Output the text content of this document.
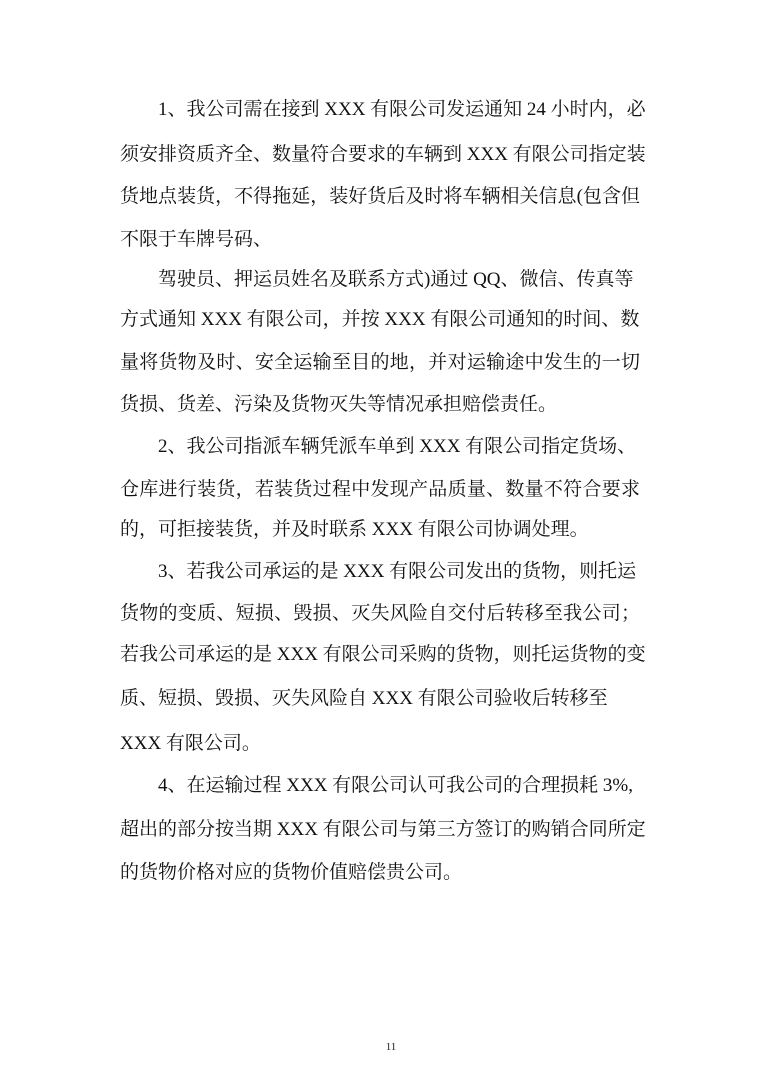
1、我公司需在接到 XXX 有限公司发运通知 24 小时内，必
须安排资质齐全、数量符合要求的车辆到 XXX 有限公司指定装
货地点装货，不得拖延，装好货后及时将车辆相关信息(包含但
不限于车牌号码、
驾驶员、押运员姓名及联系方式)通过 QQ、微信、传真等
方式通知 XXX 有限公司，并按 XXX 有限公司通知的时间、数
量将货物及时、安全运输至目的地，并对运输途中发生的一切
货损、货差、污染及货物灭失等情况承担赔偿责任。
2、我公司指派车辆凭派车单到 XXX 有限公司指定货场、
仓库进行装货，若装货过程中发现产品质量、数量不符合要求
的，可拒接装货，并及时联系 XXX 有限公司协调处理。
3、若我公司承运的是 XXX 有限公司发出的货物，则托运
货物的变质、短损、毁损、灭失风险自交付后转移至我公司；
若我公司承运的是 XXX 有限公司采购的货物，则托运货物的变
质、短损、毁损、灭失风险自 XXX 有限公司验收后转移至
XXX 有限公司。
4、在运输过程 XXX 有限公司认可我公司的合理损耗 3%,
超出的部分按当期 XXX 有限公司与第三方签订的购销合同所定
的货物价格对应的货物价值赔偿贵公司。
11
